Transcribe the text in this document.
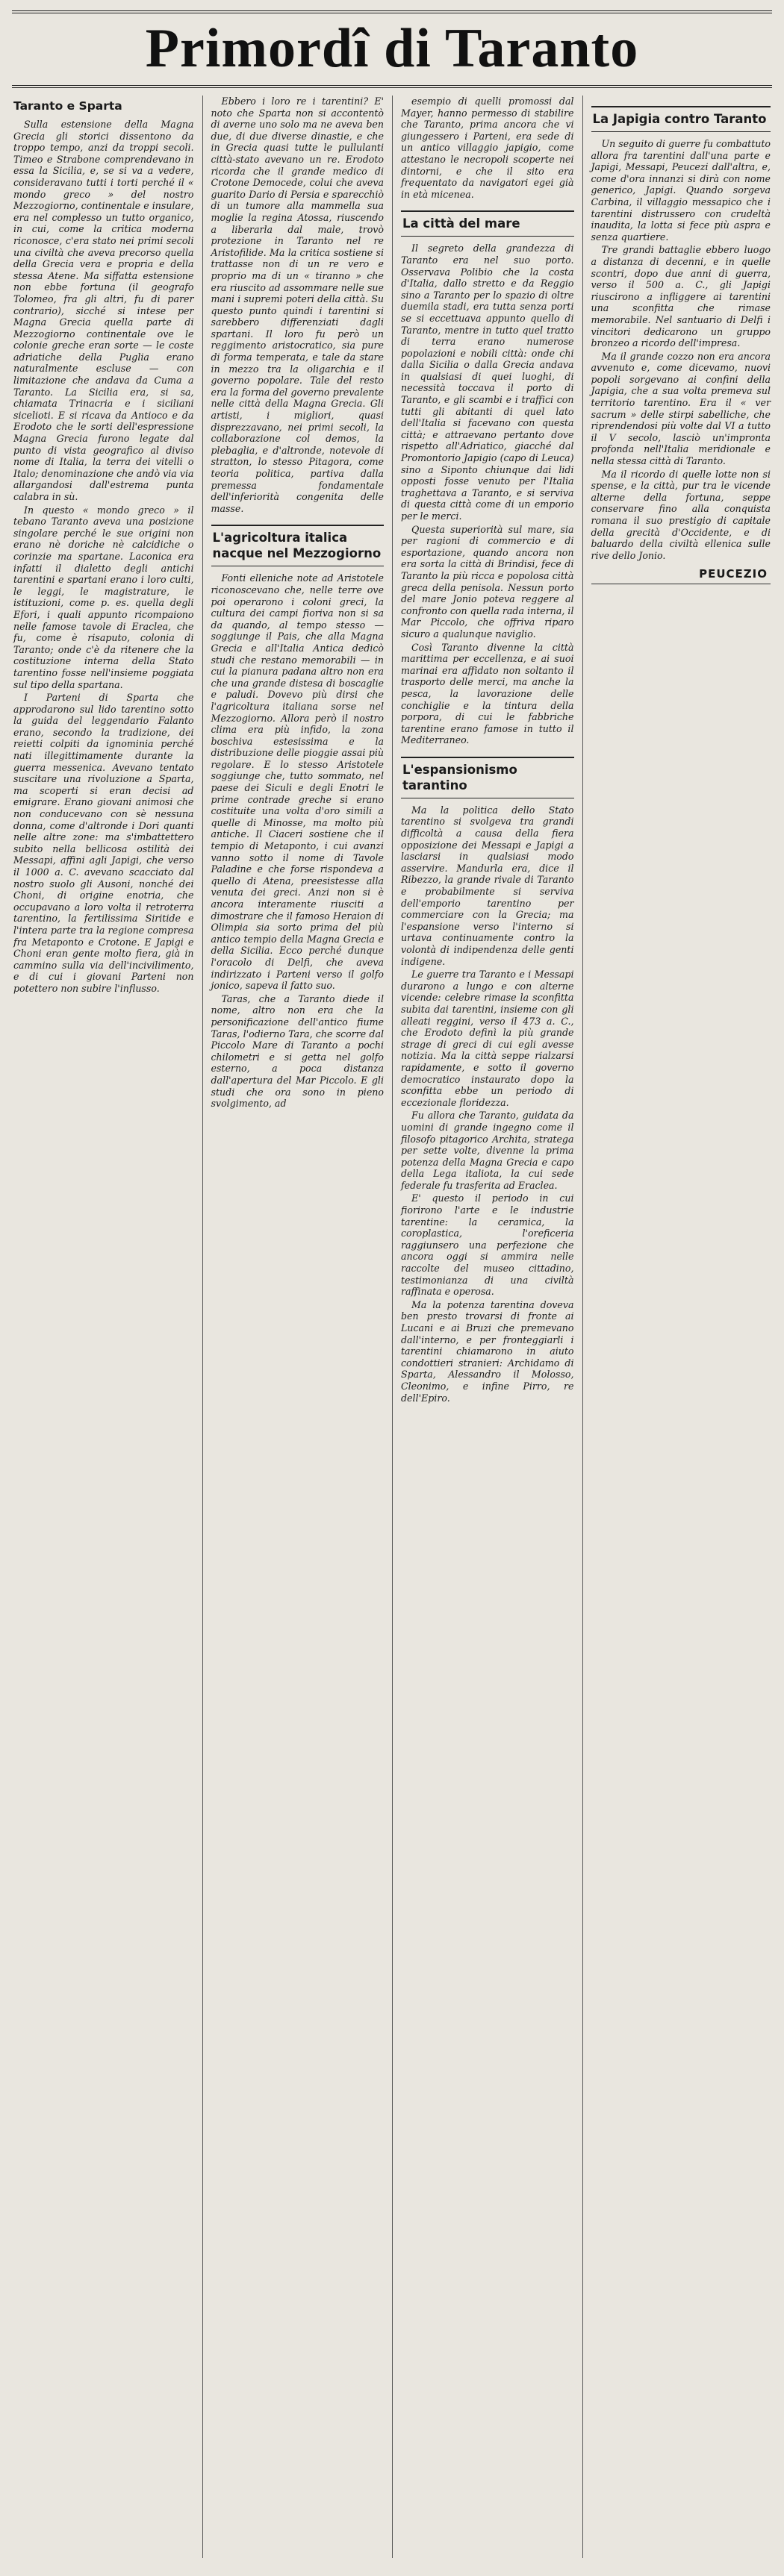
Primordî di Taranto
Taranto e Sparta

Sulla estensione della Magna Grecia gli storici dissentono da troppo tempo, anzi da troppi secoli. Timeo e Strabone comprendevano in essa la Sicilia, e, se si va a vedere, consideravano tutti i torti perché il « mondo greco » del nostro Mezzogiorno, continentale e insulare, era nel complesso un tutto organico, in cui, come la critica moderna riconosce, c'era stato nei primi secoli una civiltà che aveva precorso quella della Grecia vera e propria e della stessa Atene. Ma siffatta estensione non ebbe fortuna (il geografo Tolomeo, fra gli altri, fu di parer contrario), sicché si intese per Magna Grecia quella parte di Mezzogiorno continentale ove le colonie greche eran sorte — le coste adriatiche della Puglia erano naturalmente escluse — con limitazione che andava da Cuma a Taranto. La Sicilia era, si sa, chiamata Trinacria e i siciliani sicelioti. E si ricava da Antioco e da Erodoto che le sorti dell'espressione Magna Grecia furono legate dal punto di vista geografico al diviso nome di Italia, la terra dei vitelli o Italo; denominazione che andò via via allargandosi dall'estrema punta calabra in sù.

In questo « mondo greco » il tebano Taranto aveva una posizione singolare perché le sue origini non erano nè doriche nè calcidiche o corinzie ma spartane. Laconica era infatti il dialetto degli antichi tarentini e spartani erano i loro culti, le leggi, le magistrature, le istituzioni, come p. es. quella degli Efori, i quali appunto ricompaiono nelle famose tavole di Eraclea, che fu, come è risaputo, colonia di Taranto; onde c'è da ritenere che la costituzione interna della Stato tarentino fosse nell'insieme poggiata sul tipo della spartana.

I Parteni di Sparta che approdarono sul lido tarentino sotto la guida del leggendario Falanto erano, secondo la tradizione, dei reietti colpiti da ignominia perché nati illegittimamente durante la guerra messenica. Avevano tentato suscitare una rivoluzione a Sparta, ma scoperti si eran decisi ad emigrare. Erano giovani animosi che non conducevano con sè nessuna donna, come d'altronde i Dori quanti nelle altre zone: ma s'imbattettero subito nella bellicosa ostilità dei Messapi, affini agli Japigi, che verso il 1000 a. C. avevano scacciato dal nostro suolo gli Ausoni, nonché dei Choni, di origine enotria, che occupavano a loro volta il retroterra tarentino, la fertilissima Siritide e l'intera parte tra la regione compresa fra Metaponto e Crotone. E Japigi e Choni eran gente molto fiera, già in cammino sulla via dell'incivilimento, e di cui i giovani Parteni non potettero non subire l'influsso.

Ebbero i loro re i tarentini? E' noto che Sparta non si accontentò di averne uno solo ma ne aveva ben due, di due diverse dinastie, e che in Grecia quasi tutte le pullulanti città-stato avevano un re. Erodoto ricorda che il grande medico di Crotone Democede, colui che aveva guarito Dario di Persia e sparecchiò di un tumore alla mammella sua moglie la regina Atossa, riuscendo a liberarla dal male, trovò protezione in Taranto nel re Aristofilide. Ma la critica sostiene si trattasse non di un re vero e proprio ma di un « tiranno » che era riuscito ad assommare nelle sue mani i supremi poteri della città. Su questo punto quindi i tarentini si sarebbero differenziati dagli spartani. Il loro fu però un reggimento aristocratico, sia pure di forma temperata, e tale da stare in mezzo tra la oligarchia e il governo popolare. Tale del resto era la forma del governo prevalente nelle città della Magna Grecia. Gli artisti, i migliori, quasi disprezzavano, nei primi secoli, la collaborazione col demos, la plebaglia, e d'altronde, notevole di stratton, lo stesso Pitagora, come teoria politica, partiva dalla premessa fondamentale dell'inferiorità congenita delle masse.

L'agricoltura italica nacque nel Mezzogiorno

Fonti elleniche note ad Aristotele riconoscevano che, nelle terre ove poi operarono i coloni greci, la cultura dei campi fioriva non si sa da quando, al tempo stesso — soggiunge il Pais, che alla Magna Grecia e all'Italia Antica dedicò studi che restano memorabili — in cui la pianura padana altro non era che una grande distesa di boscaglie e paludi. Dovevo più dirsi che l'agricoltura italiana sorse nel Mezzogiorno. Allora però il nostro clima era più infido, la zona boschiva estesissima e la distribuzione delle pioggie assai più regolare. E lo stesso Aristotele soggiunge che, tutto sommato, nel paese dei Siculi e degli Enotri le prime contrade greche si erano costituite una volta d'oro simili a quelle di Minosse, ma molto più antiche. Il Ciaceri sostiene che il tempio di Metaponto, i cui avanzi vanno sotto il nome di Tavole Paladine e che forse rispondeva a quello di Atena, preesistesse alla venuta dei greci. Anzi non si è ancora interamente riusciti a dimostrare che il famoso Heraion di Olimpia sia sorto prima del più antico tempio della Magna Grecia e della Sicilia. Ecco perché dunque l'oracolo di Delfi, che aveva indirizzato i Parteni verso il golfo jonico, sapeva il fatto suo.

Taras, che a Taranto diede il nome, altro non era che la personificazione dell'antico fiume Taras, l'odierno Tara, che scorre dal Piccolo Mare di Taranto a pochi chilometri e si getta nel golfo esterno, a poca distanza dall'apertura del Mar Piccolo. E gli studi che ora sono in pieno svolgimento, ad

esempio di quelli promossi dal Mayer, hanno permesso di stabilire che Taranto, prima ancora che vi giungessero i Parteni, era sede di un antico villaggio japigio, come attestano le necropoli scoperte nei dintorni, e che il sito era frequentato da navigatori egei già in età micenea.

La città del mare

Il segreto della grandezza di Taranto era nel suo porto. Osservava Polibio che la costa d'Italia, dallo stretto e da Reggio sino a Taranto per lo spazio di oltre duemila stadi, era tutta senza porti se si eccettuava appunto quello di Taranto, mentre in tutto quel tratto di terra erano numerose popolazioni e nobili città: onde chi dalla Sicilia o dalla Grecia andava in qualsiasi di quei luoghi, di necessità toccava il porto di Taranto, e gli scambi e i traffici con tutti gli abitanti di quel lato dell'Italia si facevano con questa città; e attraevano pertanto dove rispetto all'Adriatico, giacché dal Promontorio Japigio (capo di Leuca) sino a Siponto chiunque dai lidi opposti fosse venuto per l'Italia traghettava a Taranto, e si serviva di questa città come di un emporio per le merci.

Questa superiorità sul mare, sia per ragioni di commercio e di esportazione, quando ancora non era sorta la città di Brindisi, fece di Taranto la più ricca e popolosa città greca della penisola. Nessun porto del mare Jonio poteva reggere al confronto con quella rada interna, il Mar Piccolo, che offriva riparo sicuro a qualunque naviglio.

Così Taranto divenne la città marittima per eccellenza, e ai suoi marinai era affidato non soltanto il trasporto delle merci, ma anche la pesca, la lavorazione delle conchiglie e la tintura della porpora, di cui le fabbriche tarentine erano famose in tutto il Mediterraneo.

L'espansionismo tarantino

Ma la politica dello Stato tarentino si svolgeva tra grandi difficoltà a causa della fiera opposizione dei Messapi e Japigi a lasciarsi in qualsiasi modo asservire. Mandurla era, dice il Ribezzo, la grande rivale di Taranto e probabilmente si serviva dell'emporio tarentino per commerciare con la Grecia; ma l'espansione verso l'interno si urtava continuamente contro la volontà di indipendenza delle genti indigene.

Le guerre tra Taranto e i Messapi durarono a lungo e con alterne vicende: celebre rimase la sconfitta subita dai tarentini, insieme con gli alleati reggini, verso il 473 a. C., che Erodoto definì la più grande strage di greci di cui egli avesse notizia. Ma la città seppe rialzarsi rapidamente, e sotto il governo democratico instaurato dopo la sconfitta ebbe un periodo di eccezionale floridezza.

Fu allora che Taranto, guidata da uomini di grande ingegno come il filosofo pitagorico Archita, stratega per sette volte, divenne la prima potenza della Magna Grecia e capo della Lega italiota, la cui sede federale fu trasferita ad Eraclea.

E' questo il periodo in cui fiorirono l'arte e le industrie tarentine: la ceramica, la coroplastica, l'oreficeria raggiunsero una perfezione che ancora oggi si ammira nelle raccolte del museo cittadino, testimonianza di una civiltà raffinata e operosa.

Ma la potenza tarentina doveva ben presto trovarsi di fronte ai Lucani e ai Bruzi che premevano dall'interno, e per fronteggiarli i tarentini chiamarono in aiuto condottieri stranieri: Archidamo di Sparta, Alessandro il Molosso, Cleonimo, e infine Pirro, re dell'Epiro.

La Japigia contro Taranto

Un seguito di guerre fu combattuto allora fra tarentini dall'una parte e Japigi, Messapi, Peucezi dall'altra, e, come d'ora innanzi si dirà con nome generico, Japigi. Quando sorgeva Carbina, il villaggio messapico che i tarentini distrussero con crudeltà inaudita, la lotta si fece più aspra e senza quartiere.

Tre grandi battaglie ebbero luogo a distanza di decenni, e in quelle scontri, dopo due anni di guerra, verso il 500 a. C., gli Japigi riuscirono a infliggere ai tarentini una sconfitta che rimase memorabile. Nel santuario di Delfi i vincitori dedicarono un gruppo bronzeo a ricordo dell'impresa.

Ma il grande cozzo non era ancora avvenuto e, come dicevamo, nuovi popoli sorgevano ai confini della Japigia, che a sua volta premeva sul territorio tarentino. Era il « ver sacrum » delle stirpi sabelliche, che riprendendosi più volte dal VI a tutto il V secolo, lasciò un'impronta profonda nell'Italia meridionale e nella stessa città di Taranto.

Ma il ricordo di quelle lotte non si spense, e la città, pur tra le vicende alterne della fortuna, seppe conservare fino alla conquista romana il suo prestigio di capitale della grecità d'Occidente, e di baluardo della civiltà ellenica sulle rive dello Jonio.

PEUCEZIO
